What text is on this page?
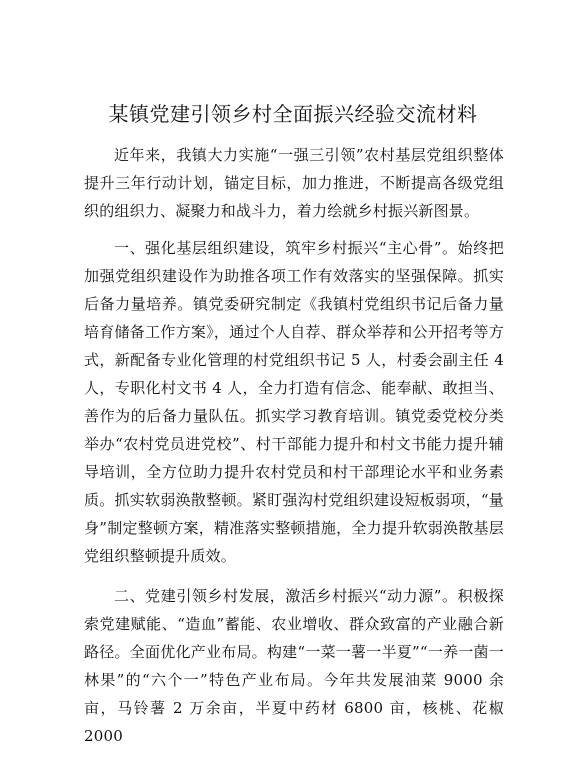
某镇党建引领乡村全面振兴经验交流材料

近年来，我镇大力实施“一强三引领”农村基层党组织整体提升三年行动计划，锚定目标，加力推进，不断提高各级党组织的组织力、凝聚力和战斗力，着力绘就乡村振兴新图景。

一、强化基层组织建设，筑牢乡村振兴“主心骨”。始终把加强党组织建设作为助推各项工作有效落实的坚强保障。抓实后备力量培养。镇党委研究制定《我镇村党组织书记后备力量培育储备工作方案》，通过个人自荐、群众举荐和公开招考等方式，新配备专业化管理的村党组织书记 5 人，村委会副主任 4 人，专职化村文书 4 人，全力打造有信念、能奉献、敢担当、善作为的后备力量队伍。抓实学习教育培训。镇党委党校分类举办“农村党员进党校”、村干部能力提升和村文书能力提升辅导培训，全方位助力提升农村党员和村干部理论水平和业务素质。抓实软弱涣散整顿。紧盯强沟村党组织建设短板弱项，“量身”制定整顿方案，精准落实整顿措施，全力提升软弱涣散基层党组织整顿提升质效。

二、党建引领乡村发展，激活乡村振兴“动力源”。积极探索党建赋能、“造血”蓄能、农业增收、群众致富的产业融合新路径。全面优化产业布局。构建“一菜一薯一半夏”“一养一菌一林果”的“六个一”特色产业布局。今年共发展油菜 9000 余亩，马铃薯 2 万余亩，半夏中药材 6800 亩，核桃、花椒 2000
